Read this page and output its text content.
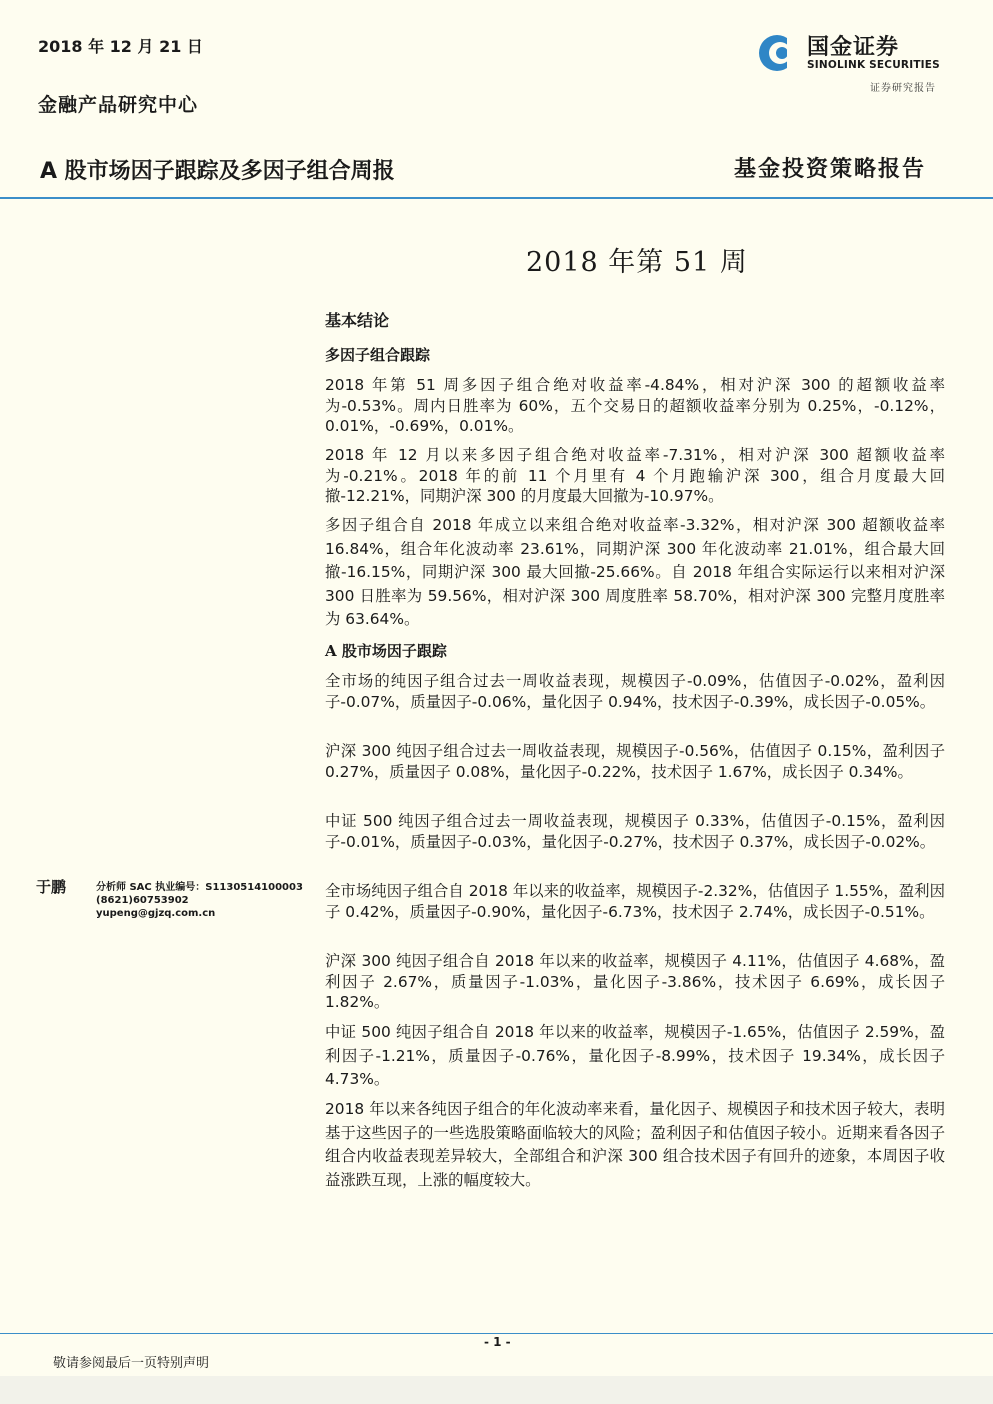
2018 年 12 月 21 日
金融产品研究中心
国金证券
SINOLINK SECURITIES
证券研究报告
A 股市场因子跟踪及多因子组合周报	基金投资策略报告
2018 年第 51 周
基本结论
多因子组合跟踪
2018 年第 51 周多因子组合绝对收益率-4.84%，相对沪深 300 的超额收益率为-0.53%。周内日胜率为 60%，五个交易日的超额收益率分别为 0.25%，-0.12%，0.01%，-0.69%，0.01%。
2018 年 12 月以来多因子组合绝对收益率-7.31%，相对沪深 300 超额收益率为-0.21%。2018 年的前 11 个月里有 4 个月跑输沪深 300，组合月度最大回撤-12.21%，同期沪深 300 的月度最大回撤为-10.97%。
多因子组合自 2018 年成立以来组合绝对收益率-3.32%，相对沪深 300 超额收益率 16.84%，组合年化波动率 23.61%，同期沪深 300 年化波动率 21.01%，组合最大回撤-16.15%，同期沪深 300 最大回撤-25.66%。自 2018 年组合实际运行以来相对沪深 300 日胜率为 59.56%，相对沪深 300 周度胜率 58.70%，相对沪深 300 完整月度胜率为 63.64%。
A 股市场因子跟踪
全市场的纯因子组合过去一周收益表现，规模因子-0.09%，估值因子-0.02%，盈利因子-0.07%，质量因子-0.06%，量化因子 0.94%，技术因子-0.39%，成长因子-0.05%。
沪深 300 纯因子组合过去一周收益表现，规模因子-0.56%，估值因子 0.15%，盈利因子 0.27%，质量因子 0.08%，量化因子-0.22%，技术因子 1.67%，成长因子 0.34%。
中证 500 纯因子组合过去一周收益表现，规模因子 0.33%，估值因子-0.15%，盈利因子-0.01%，质量因子-0.03%，量化因子-0.27%，技术因子 0.37%，成长因子-0.02%。
全市场纯因子组合自 2018 年以来的收益率，规模因子-2.32%，估值因子 1.55%，盈利因子 0.42%，质量因子-0.90%，量化因子-6.73%，技术因子 2.74%，成长因子-0.51%。
沪深 300 纯因子组合自 2018 年以来的收益率，规模因子 4.11%，估值因子 4.68%，盈利因子 2.67%，质量因子-1.03%，量化因子-3.86%，技术因子 6.69%，成长因子 1.82%。
中证 500 纯因子组合自 2018 年以来的收益率，规模因子-1.65%，估值因子 2.59%，盈利因子-1.21%，质量因子-0.76%，量化因子-8.99%，技术因子 19.34%，成长因子 4.73%。
2018 年以来各纯因子组合的年化波动率来看，量化因子、规模因子和技术因子较大，表明基于这些因子的一些选股策略面临较大的风险；盈利因子和估值因子较小。近期来看各因子组合内收益表现差异较大，全部组合和沪深 300 组合技术因子有回升的迹象，本周因子收益涨跌互现，上涨的幅度较大。
于鹏	分析师 SAC 执业编号：S1130514100003
(8621)60753902
yupeng@gjzq.com.cn
- 1 -
敬请参阅最后一页特别声明
